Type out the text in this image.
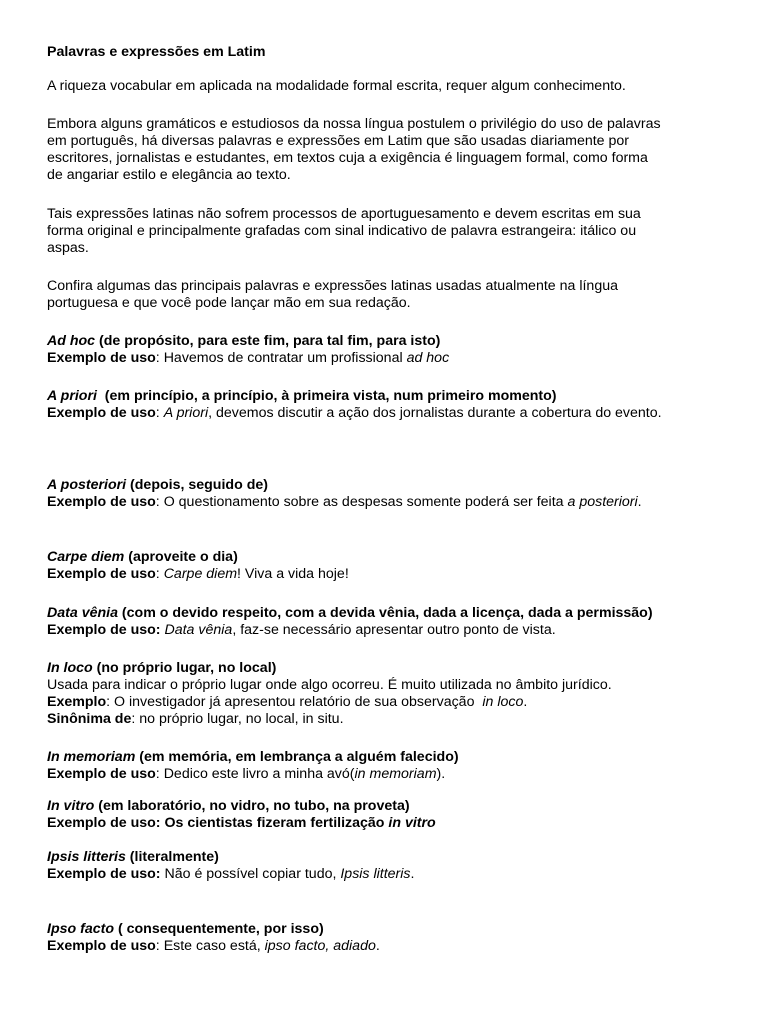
Palavras e expressões em Latim

A riqueza vocabular em aplicada na modalidade formal escrita, requer algum conhecimento.

Embora alguns gramáticos e estudiosos da nossa língua postulem o privilégio do uso de palavras

em português, há diversas palavras e expressões em Latim que são usadas diariamente por

escritores, jornalistas e estudantes, em textos cuja a exigência é linguagem formal, como forma

de angariar estilo e elegância ao texto.

Tais expressões latinas não sofrem processos de aportuguesamento e devem escritas em sua

forma original e principalmente grafadas com sinal indicativo de palavra estrangeira: itálico ou

aspas.

Confira algumas das principais palavras e expressões latinas usadas atualmente na língua

portuguesa e que você pode lançar mão em sua redação.

Ad hoc (de propósito, para este fim, para tal fim, para isto)

Exemplo de uso: Havemos de contratar um profissional ad hoc

A priori  (em princípio, a princípio, à primeira vista, num primeiro momento)

Exemplo de uso: A priori, devemos discutir a ação dos jornalistas durante a cobertura do evento.

A posteriori (depois, seguido de)

Exemplo de uso: O questionamento sobre as despesas somente poderá ser feita a posteriori.

Carpe diem (aproveite o dia)

Exemplo de uso: Carpe diem! Viva a vida hoje!

Data vênia (com o devido respeito, com a devida vênia, dada a licença, dada a permissão)

Exemplo de uso: Data vênia, faz-se necessário apresentar outro ponto de vista.

In loco (no próprio lugar, no local)

Usada para indicar o próprio lugar onde algo ocorreu. É muito utilizada no âmbito jurídico.

Exemplo: O investigador já apresentou relatório de sua observação  in loco.

Sinônima de: no próprio lugar, no local, in situ.

In memoriam (em memória, em lembrança a alguém falecido)

Exemplo de uso: Dedico este livro a minha avó(in memoriam).

In vitro (em laboratório, no vidro, no tubo, na proveta)

Exemplo de uso: Os cientistas fizeram fertilização in vitro

Ipsis litteris (literalmente)

Exemplo de uso: Não é possível copiar tudo, Ipsis litteris.

Ipso facto ( consequentemente, por isso)

Exemplo de uso: Este caso está, ipso facto, adiado.
